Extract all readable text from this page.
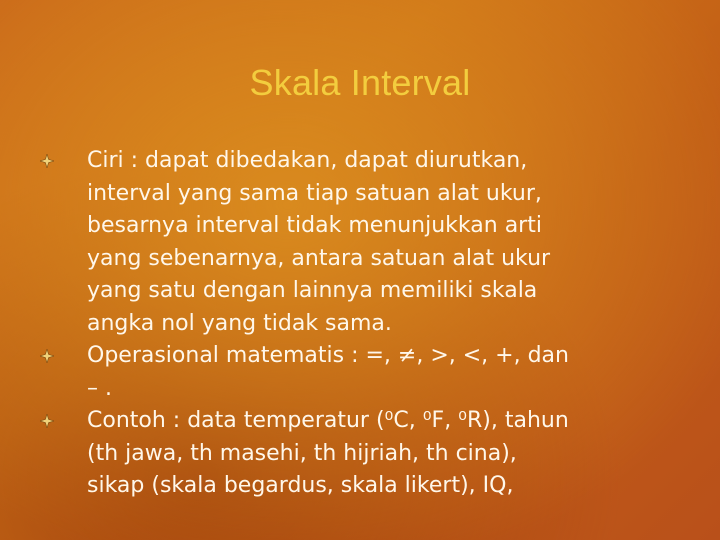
Skala Interval
Ciri : dapat dibedakan, dapat diurutkan,
interval yang sama tiap satuan alat ukur,
besarnya interval tidak menunjukkan arti
yang sebenarnya, antara satuan alat ukur
yang satu dengan lainnya memiliki skala
angka nol yang tidak sama.
Operasional matematis : =, ≠, >, <, +, dan
– .
Contoh : data temperatur (⁰C, ⁰F, ⁰R), tahun
(th jawa, th masehi, th hijriah, th cina),
sikap (skala begardus, skala likert), IQ,
